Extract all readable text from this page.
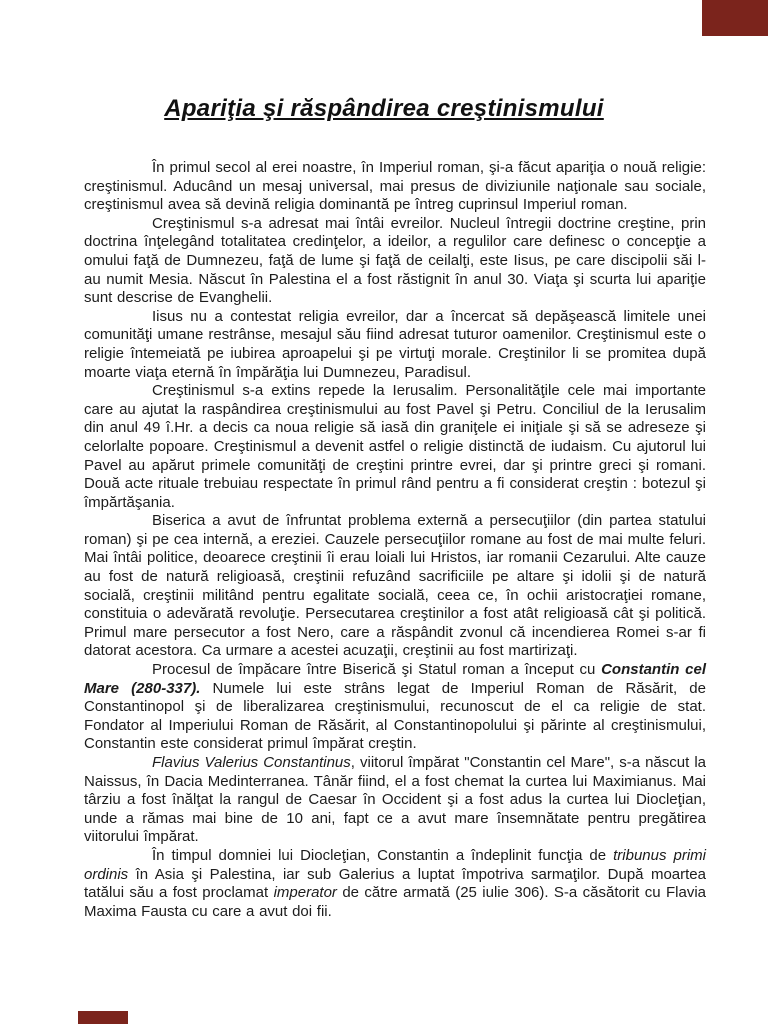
Apariţia şi răspândirea creştinismului

În primul secol al erei noastre, în Imperiul roman, şi-a făcut apariţia o nouă religie: creştinismul. Aducând un mesaj universal, mai presus de diviziunile naţionale sau sociale, creştinismul avea să devină religia dominantă pe întreg cuprinsul Imperiul roman.

Creştinismul s-a adresat mai întâi evreilor. Nucleul întregii doctrine creştine, prin doctrina înţelegând totalitatea credinţelor, a ideilor, a regulilor care definesc o concepţie a omului faţă de Dumnezeu, faţă de lume şi faţă de ceilalţi, este Iisus, pe care discipolii săi l-au numit Mesia. Născut în Palestina el a fost răstignit în anul 30. Viaţa şi scurta lui apariţie sunt descrise de Evanghelii.

Iisus nu a contestat religia evreilor, dar a încercat să depăşească limitele unei comunităţi umane restrânse, mesajul său fiind adresat tuturor oamenilor. Creştinismul este o religie întemeiată pe iubirea aproapelui şi pe virtuţi morale. Creştinilor li se promitea după moarte viaţa eternă în împărăţia lui Dumnezeu, Paradisul.

Creştinismul s-a extins repede la Ierusalim. Personalităţile cele mai importante care au ajutat la raspândirea creştinismului au fost Pavel şi Petru. Conciliul de la Ierusalim din anul 49 î.Hr. a decis ca noua religie să iasă din graniţele ei iniţiale şi să se adreseze şi celorlalte popoare. Creştinismul a devenit astfel o religie distinctă de iudaism. Cu ajutorul lui Pavel au apărut primele comunităţi de creştini printre evrei, dar şi printre greci şi romani. Două acte rituale trebuiau respectate în primul rând pentru a fi considerat creştin : botezul şi împărtăşania.

Biserica a avut de înfruntat problema externă a persecuţiilor (din partea statului roman) şi pe cea internă, a ereziei. Cauzele persecuţiilor romane au fost de mai multe feluri. Mai întâi politice, deoarece creştinii îi erau loiali lui Hristos, iar romanii Cezarului. Alte cauze au fost de natură religioasă, creştinii refuzând sacrificiile pe altare şi idolii şi de natură socială, creştinii militând pentru egalitate socială, ceea ce, în ochii aristocraţiei romane, constituia o adevărată revoluţie. Persecutarea creştinilor a fost atât religioasă cât şi politică. Primul mare persecutor a fost Nero, care a răspândit zvonul că incendierea Romei s-ar fi datorat acestora. Ca urmare a acestei acuzaţii, creştinii au fost martirizaţi.

Procesul de împăcare între Biserică şi Statul roman a început cu Constantin cel Mare (280-337). Numele lui este strâns legat de Imperiul Roman de Răsărit, de Constantinopol şi de liberalizarea creştinismului, recunoscut de el ca religie de stat. Fondator al Imperiului Roman de Răsărit, al Constantinopolului şi părinte al creştinismului, Constantin este considerat primul împărat creştin.

Flavius Valerius Constantinus, viitorul împărat "Constantin cel Mare", s-a născut la Naissus, în Dacia Medinterranea. Tânăr fiind, el a fost chemat la curtea lui Maximianus. Mai târziu a fost înălţat la rangul de Caesar în Occident şi a fost adus la curtea lui Diocleţian, unde a rămas mai bine de 10 ani, fapt ce a avut mare însemnătate pentru pregătirea viitorului împărat.

În timpul domniei lui Diocleţian, Constantin a îndeplinit funcţia de tribunus primi ordinis în Asia şi Palestina, iar sub Galerius a luptat împotriva sarmaţilor. După moartea tatălui său a fost proclamat imperator de către armată (25 iulie 306). S-a căsătorit cu Flavia Maxima Fausta cu care a avut doi fii.
